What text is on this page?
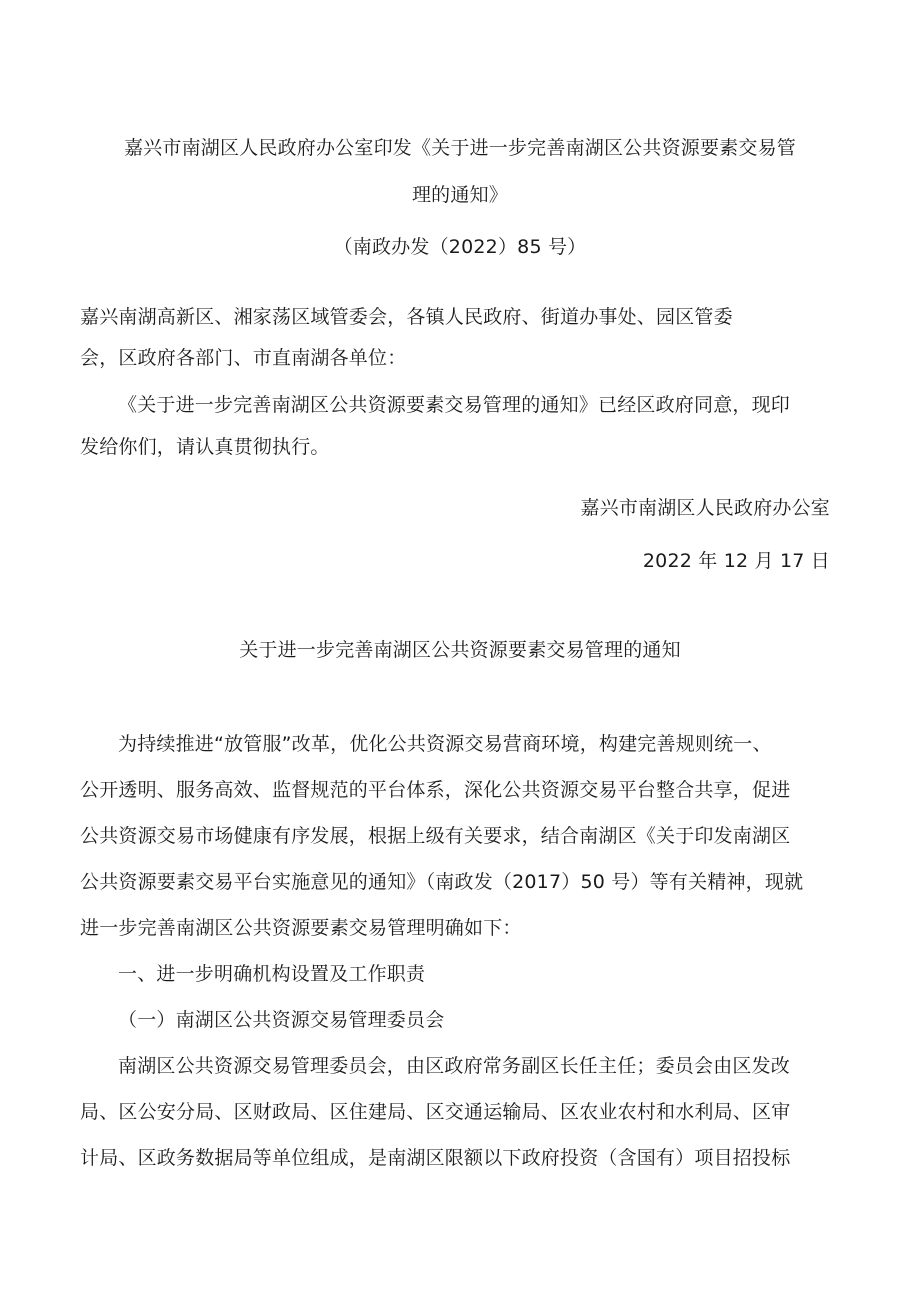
嘉兴市南湖区人民政府办公室印发《关于进一步完善南湖区公共资源要素交易管
理的通知》
（南政办发（2022）85 号）
嘉兴南湖高新区、湘家荡区域管委会，各镇人民政府、街道办事处、园区管委
会，区政府各部门、市直南湖各单位：
《关于进一步完善南湖区公共资源要素交易管理的通知》已经区政府同意，现印
发给你们，请认真贯彻执行。
嘉兴市南湖区人民政府办公室
2022 年 12 月 17 日
关于进一步完善南湖区公共资源要素交易管理的通知
为持续推进“放管服”改革，优化公共资源交易营商环境，构建完善规则统一、
公开透明、服务高效、监督规范的平台体系，深化公共资源交易平台整合共享，促进
公共资源交易市场健康有序发展，根据上级有关要求，结合南湖区《关于印发南湖区
公共资源要素交易平台实施意见的通知》（南政发（2017）50 号）等有关精神，现就
进一步完善南湖区公共资源要素交易管理明确如下：
一、进一步明确机构设置及工作职责
（一）南湖区公共资源交易管理委员会
南湖区公共资源交易管理委员会，由区政府常务副区长任主任；委员会由区发改
局、区公安分局、区财政局、区住建局、区交通运输局、区农业农村和水利局、区审
计局、区政务数据局等单位组成，是南湖区限额以下政府投资（含国有）项目招投标
